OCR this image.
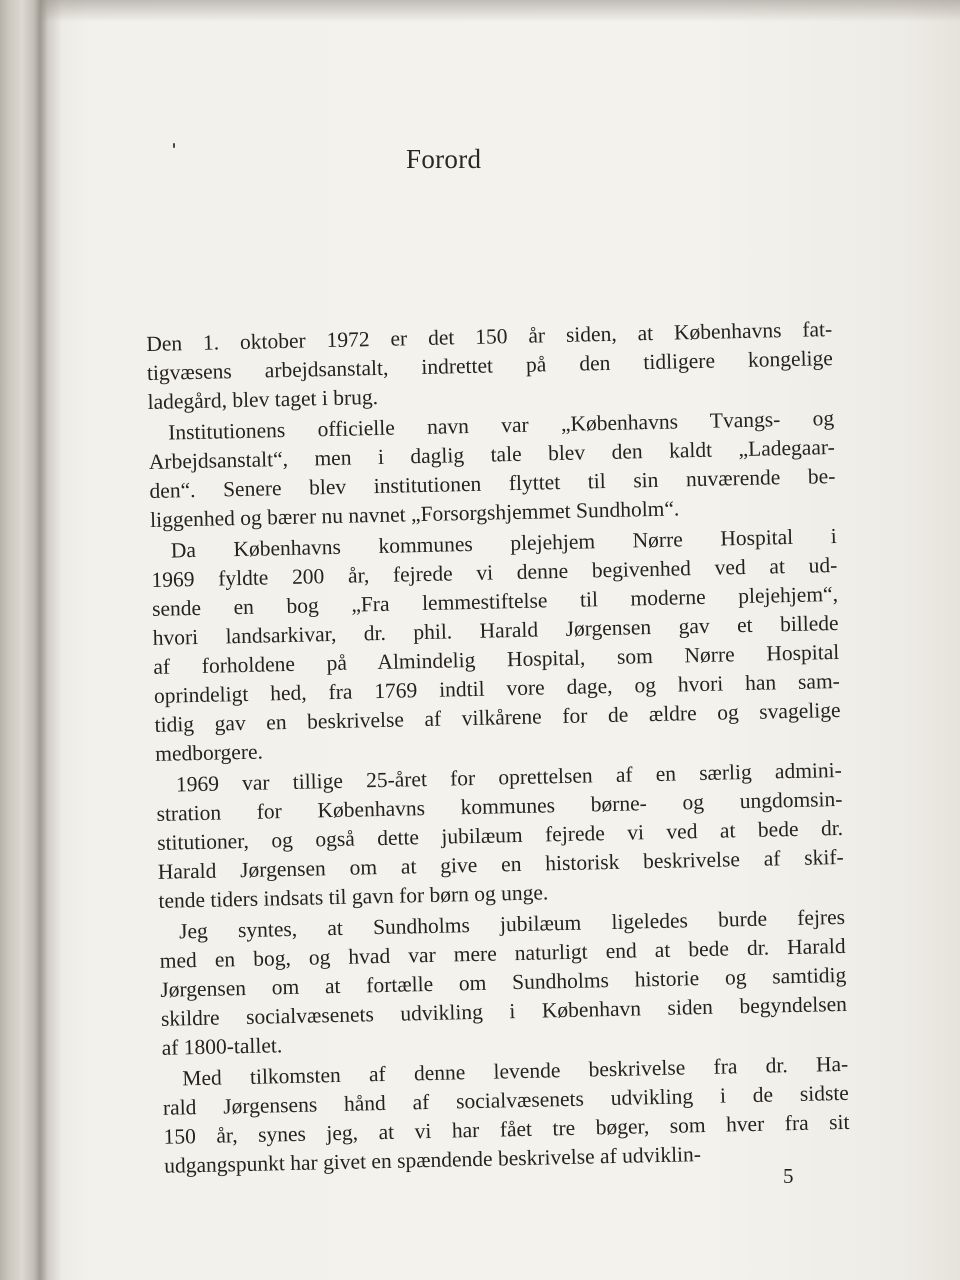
Forord
Den 1. oktober 1972 er det 150 år siden, at Københavns fat-
tigvæsens arbejdsanstalt, indrettet på den tidligere kongelige
ladegård, blev taget i brug.
Institutionens officielle navn var „Københavns Tvangs- og
Arbejdsanstalt“, men i daglig tale blev den kaldt „Ladegaar-
den“. Senere blev institutionen flyttet til sin nuværende be-
liggenhed og bærer nu navnet „Forsorgshjemmet Sundholm“.
Da Københavns kommunes plejehjem Nørre Hospital i
1969 fyldte 200 år, fejrede vi denne begivenhed ved at ud-
sende en bog „Fra lemmestiftelse til moderne plejehjem“,
hvori landsarkivar, dr. phil. Harald Jørgensen gav et billede
af forholdene på Almindelig Hospital, som Nørre Hospital
oprindeligt hed, fra 1769 indtil vore dage, og hvori han sam-
tidig gav en beskrivelse af vilkårene for de ældre og svagelige
medborgere.
1969 var tillige 25-året for oprettelsen af en særlig admini-
stration for Københavns kommunes børne- og ungdomsin-
stitutioner, og også dette jubilæum fejrede vi ved at bede dr.
Harald Jørgensen om at give en historisk beskrivelse af skif-
tende tiders indsats til gavn for børn og unge.
Jeg syntes, at Sundholms jubilæum ligeledes burde fejres
med en bog, og hvad var mere naturligt end at bede dr. Harald
Jørgensen om at fortælle om Sundholms historie og samtidig
skildre socialvæsenets udvikling i København siden begyndelsen
af 1800-tallet.
Med tilkomsten af denne levende beskrivelse fra dr. Ha-
rald Jørgensens hånd af socialvæsenets udvikling i de sidste
150 år, synes jeg, at vi har fået tre bøger, som hver fra sit
udgangspunkt har givet en spændende beskrivelse af udviklin-	5
